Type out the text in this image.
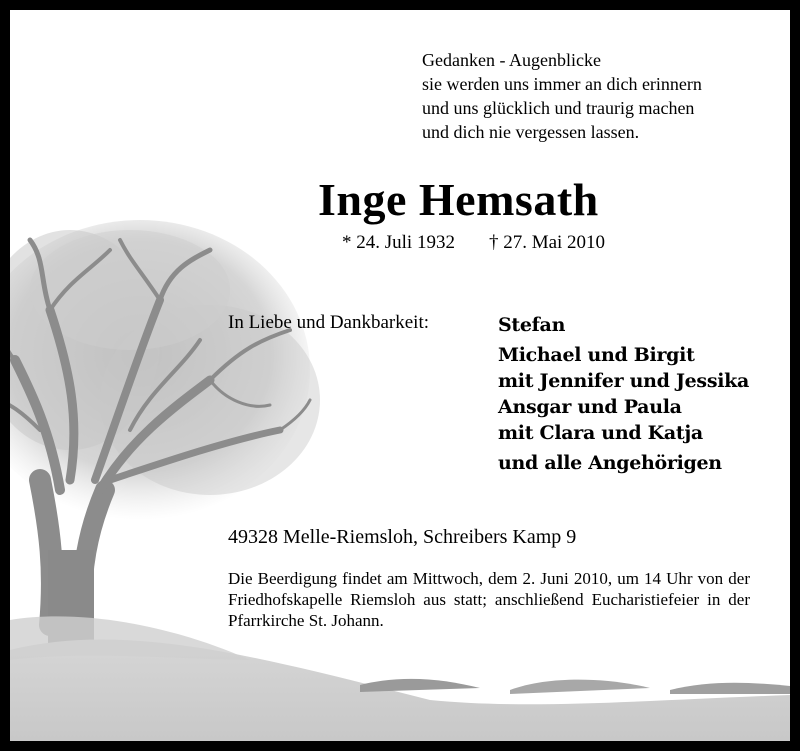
Gedanken - Augenblicke
sie werden uns immer an dich erinnern
und uns glücklich und traurig machen
und dich nie vergessen lassen.
Inge Hemsath
* 24. Juli 1932 † 27. Mai 2010
In Liebe und Dankbarkeit:	Stefan
Michael und Birgit
mit Jennifer und Jessika
Ansgar und Paula
mit Clara und Katja
und alle Angehörigen
49328 Melle-Riemsloh, Schreibers Kamp 9
Die Beerdigung findet am Mittwoch, dem 2. Juni 2010, um 14 Uhr von der Friedhofskapelle Riemsloh aus statt; anschließend Eucharistiefeier in der Pfarrkirche St. Johann.
